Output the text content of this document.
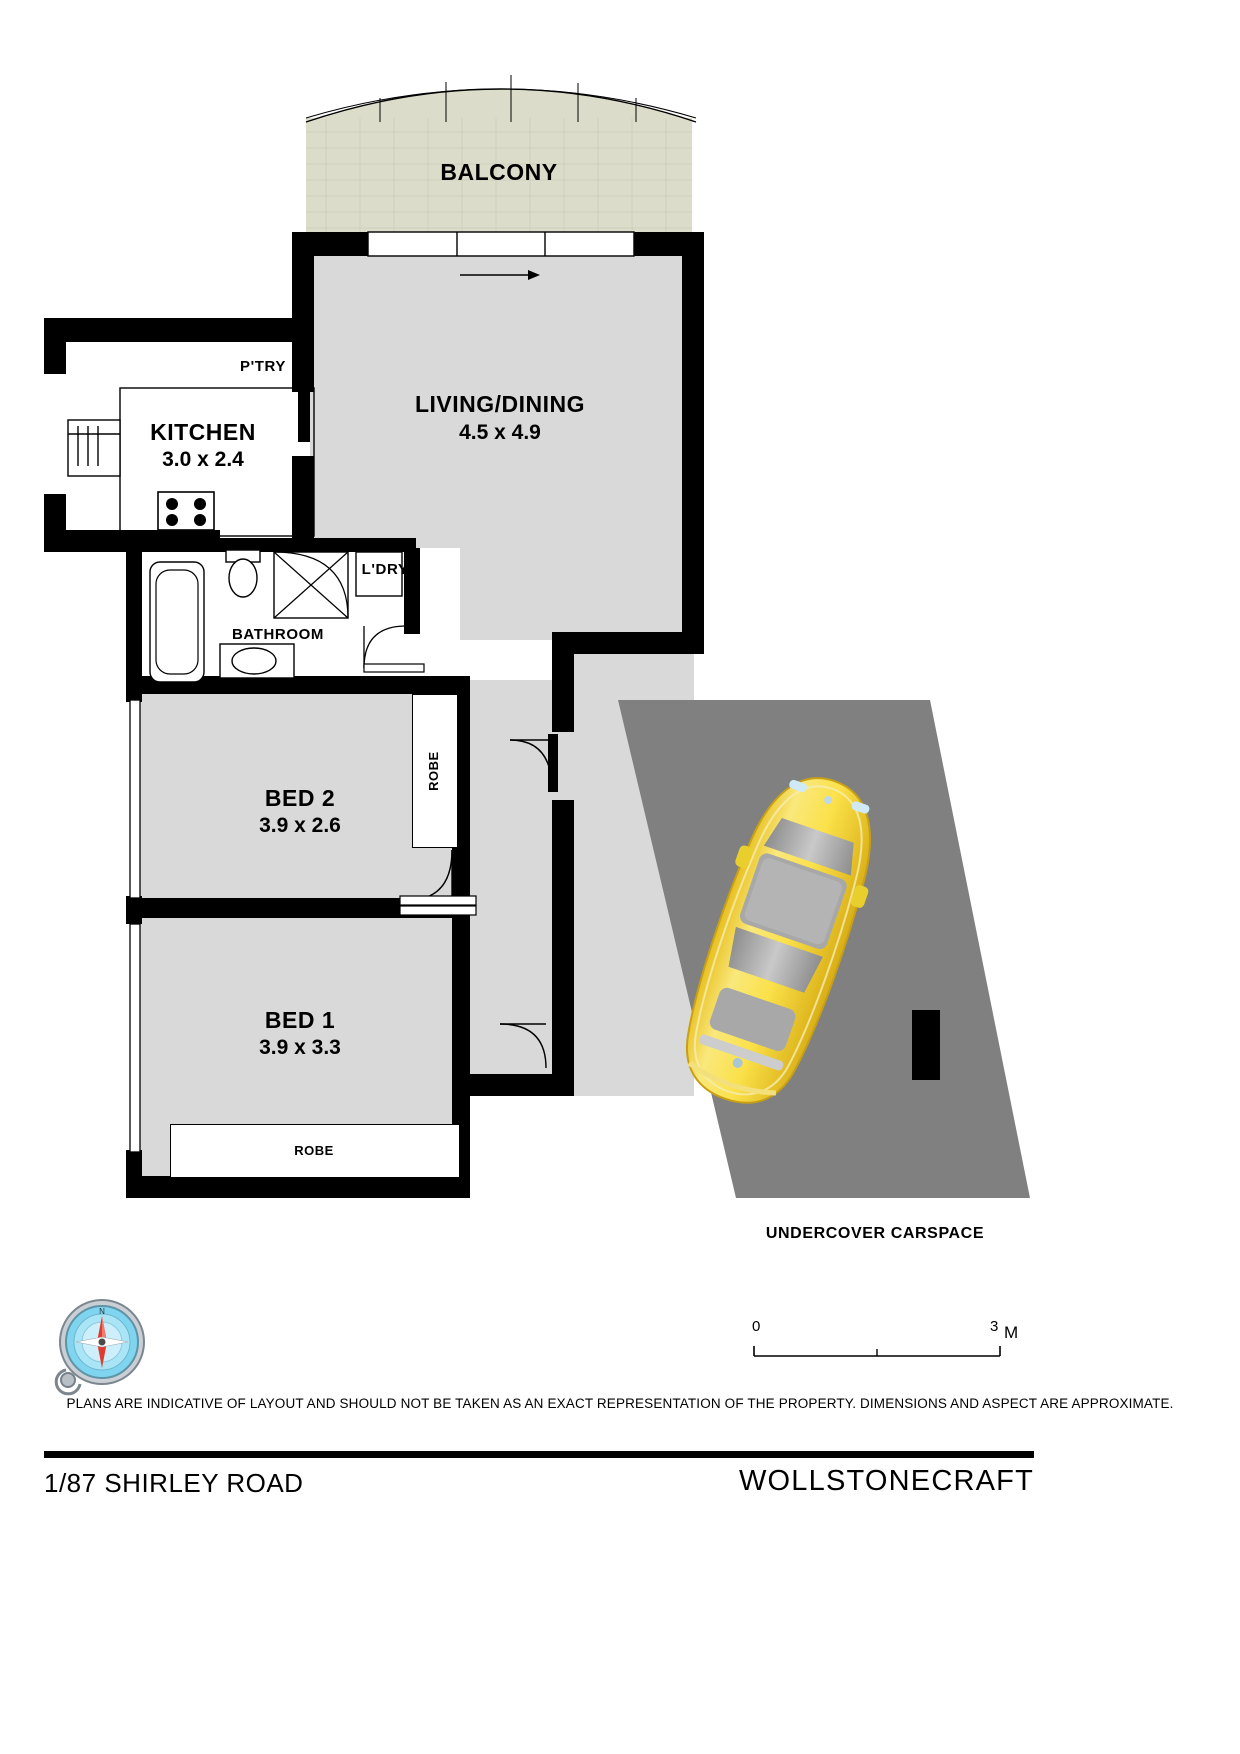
BALCONY
ROBE
ROBE
LIVING/DINING
4.5 x 4.9
KITCHEN
3.0 x 2.4
P'TRY
L'DRY
BATHROOM
BED 2
3.9 x 2.6
BED 1
3.9 x 3.3
UNDERCOVER CARSPACE
N
0	3 M
PLANS ARE INDICATIVE OF LAYOUT AND SHOULD NOT BE TAKEN AS AN EXACT REPRESENTATION OF THE PROPERTY. DIMENSIONS AND ASPECT ARE APPROXIMATE.
1/87 SHIRLEY ROAD	WOLLSTONECRAFT
